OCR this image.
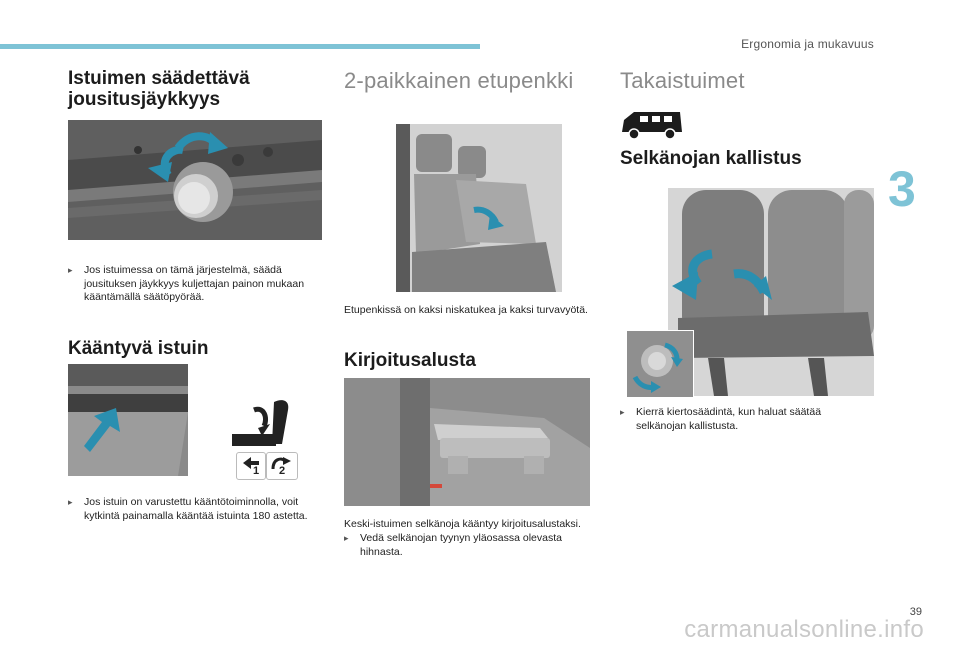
Ergonomia ja mukavuus
3
Istuimen säädettävä jousitusjäykkyys
▸	Jos istuimessa on tämä järjestelmä, säädä jousituksen jäykkyys kuljettajan painon mukaan kääntämällä säätöpyörää.
Kääntyvä istuin
1 2
▸	Jos istuin on varustettu kääntötoiminnolla, voit kytkintä painamalla kääntää istuinta 180 astetta.
2-paikkainen etupenkki
Etupenkissä on kaksi niskatukea ja kaksi turvavyötä.
Kirjoitusalusta
Keski-istuimen selkänoja kääntyy kirjoitusalustaksi.
▸	Vedä selkänojan tyynyn yläosassa olevasta hihnasta.
Takaistuimet
Selkänojan kallistus
▸	Kierrä kiertosäädintä, kun haluat säätää selkänojan kallistusta.
39
carmanualsonline.info
